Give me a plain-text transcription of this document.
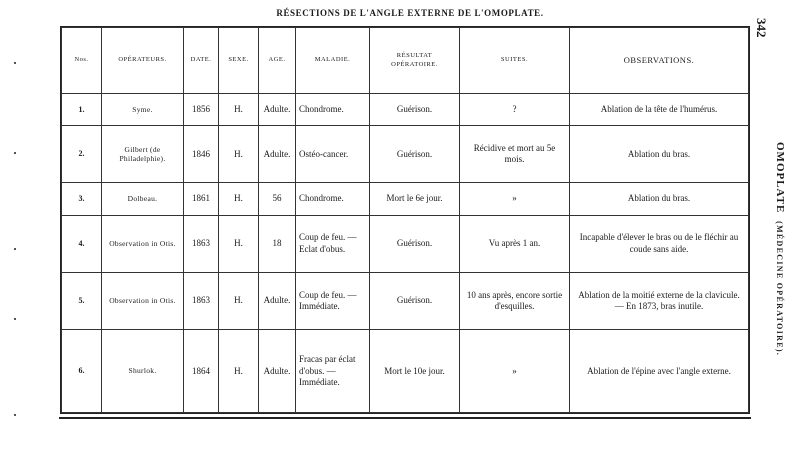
RÉSECTIONS DE L'ANGLE EXTERNE DE L'OMOPLATE.
342
OMOPLATE (MÉDECINE OPÉRATOIRE).
Nos.	OPÉRATEURS.	DATE.	SEXE.	AGE.	MALADIE.	RÉSULTAT OPÉRATOIRE.	SUITES.	OBSERVATIONS.
1.	Syme.	1856	H.	Adulte.	Chondrome.	Guérison.	?	Ablation de la tête de l'humérus.
2.	Gilbert (de Philadelphie).	1846	H.	Adulte.	Ostéo-cancer.	Guérison.	Récidive et mort au 5e mois.	Ablation du bras.
3.	Dolbeau.	1861	H.	56	Chondrome.	Mort le 6e jour.	»	Ablation du bras.
4.	Observation in Otis.	1863	H.	18	Coup de feu. — Eclat d'obus.	Guérison.	Vu après 1 an.	Incapable d'élever le bras ou de le fléchir au coude sans aide.
5.	Observation in Otis.	1863	H.	Adulte.	Coup de feu. — Immédiate.	Guérison.	10 ans après, encore sortie d'esquilles.	Ablation de la moitié externe de la clavicule. — En 1873, bras inutile.
6.	Shurlok.	1864	H.	Adulte.	Fracas par éclat d'obus. — Immédiate.	Mort le 10e jour.	»	Ablation de l'épine avec l'angle externe.
